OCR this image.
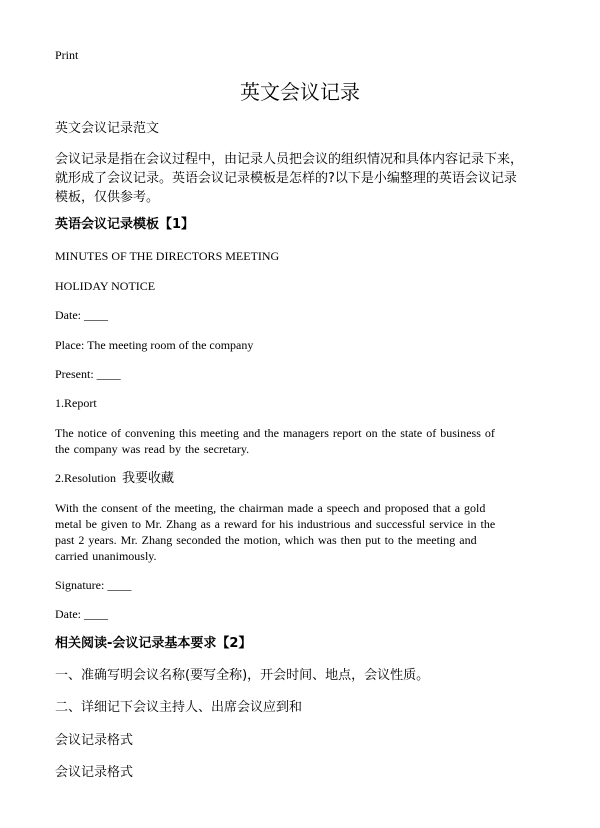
Print
英文会议记录
英文会议记录范文
会议记录是指在会议过程中，由记录人员把会议的组织情况和具体内容记录下来，
就形成了会议记录。英语会议记录模板是怎样的?以下是小编整理的英语会议记录
模板，仅供参考。
英语会议记录模板【1】
MINUTES OF THE DIRECTORS MEETING
HOLIDAY NOTICE
Date: ____
Place: The meeting room of the company
Present: ____
1.Report
The notice of convening this meeting and the managers report on the state of business of
the company was read by the secretary.
2.Resolution 我要收藏
With the consent of the meeting, the chairman made a speech and proposed that a gold
metal be given to Mr. Zhang as a reward for his industrious and successful service in the
past 2 years. Mr. Zhang seconded the motion, which was then put to the meeting and
carried unanimously.
Signature: ____
Date: ____
相关阅读-会议记录基本要求【2】
一、准确写明会议名称(要写全称)，开会时间、地点，会议性质。
二、详细记下会议主持人、出席会议应到和
会议记录格式
会议记录格式
